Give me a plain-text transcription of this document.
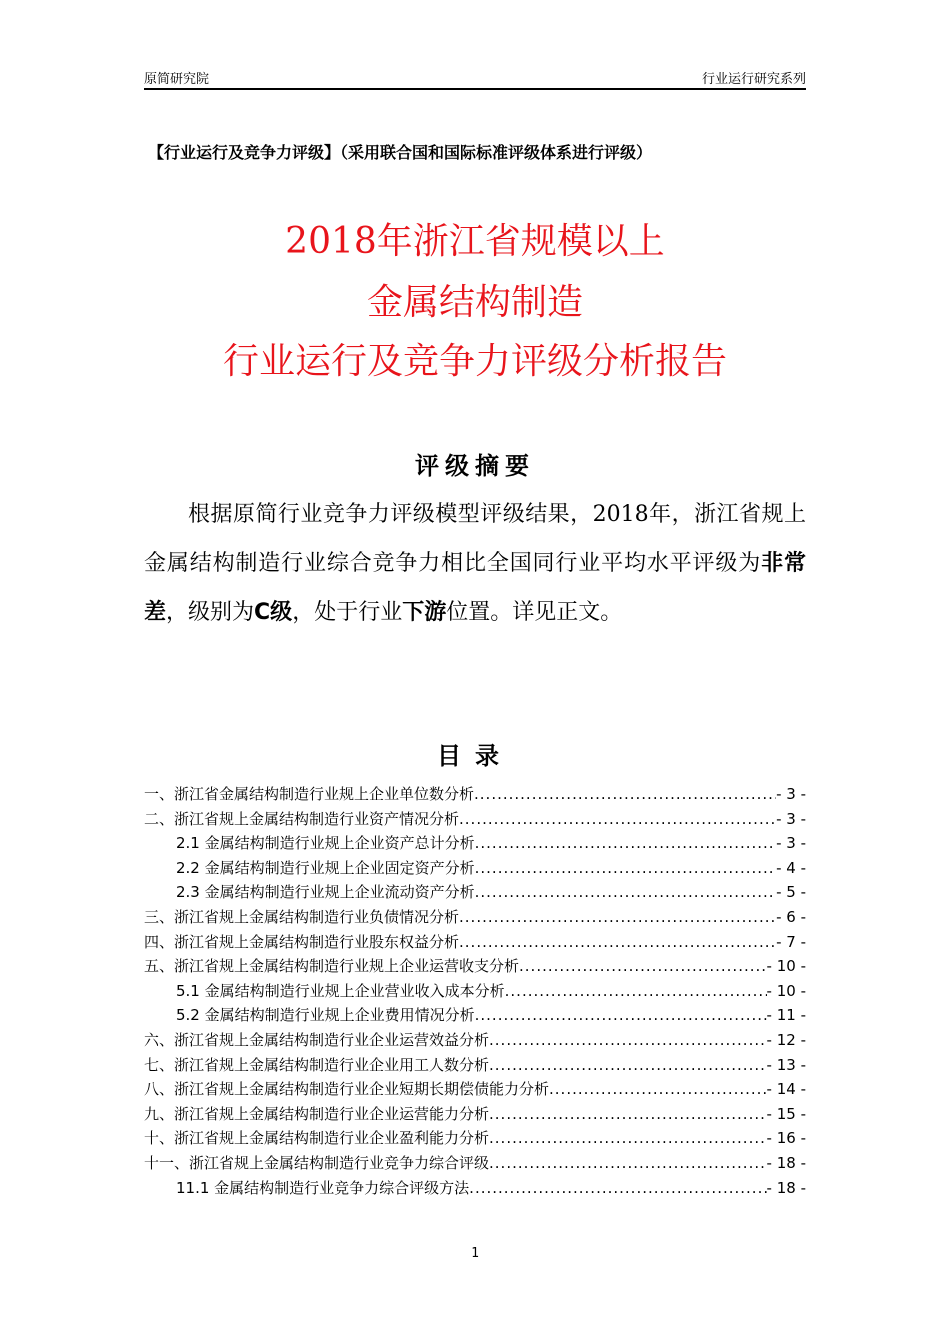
原简研究院	行业运行研究系列
【行业运行及竞争力评级】（采用联合国和国际标准评级体系进行评级）
2018年浙江省规模以上
金属结构制造
行业运行及竞争力评级分析报告
评级摘要
根据原简行业竞争力评级模型评级结果，2018年，浙江省规上金属结构制造行业综合竞争力相比全国同行业平均水平评级为非常差，级别为C级，处于行业下游位置。详见正文。
目录
一、浙江省金属结构制造行业规上企业单位数分析 .....	- 3 -
二、浙江省规上金属结构制造行业资产情况分析 .....	- 3 -
2.1 金属结构制造行业规上企业资产总计分析 .....	- 3 -
2.2 金属结构制造行业规上企业固定资产分析 .....	- 4 -
2.3 金属结构制造行业规上企业流动资产分析 .....	- 5 -
三、浙江省规上金属结构制造行业负债情况分析 .....	- 6 -
四、浙江省规上金属结构制造行业股东权益分析 .....	- 7 -
五、浙江省规上金属结构制造行业规上企业运营收支分析 .....	- 10 -
5.1 金属结构制造行业规上企业营业收入成本分析 .....	- 10 -
5.2 金属结构制造行业规上企业费用情况分析 .....	- 11 -
六、浙江省规上金属结构制造行业企业运营效益分析 .....	- 12 -
七、浙江省规上金属结构制造行业企业用工人数分析 .....	- 13 -
八、浙江省规上金属结构制造行业企业短期长期偿债能力分析 .....	- 14 -
九、浙江省规上金属结构制造行业企业运营能力分析 .....	- 15 -
十、浙江省规上金属结构制造行业企业盈利能力分析 .....	- 16 -
十一、浙江省规上金属结构制造行业竞争力综合评级 .....	- 18 -
11.1 金属结构制造行业竞争力综合评级方法 .....	- 18 -
1
